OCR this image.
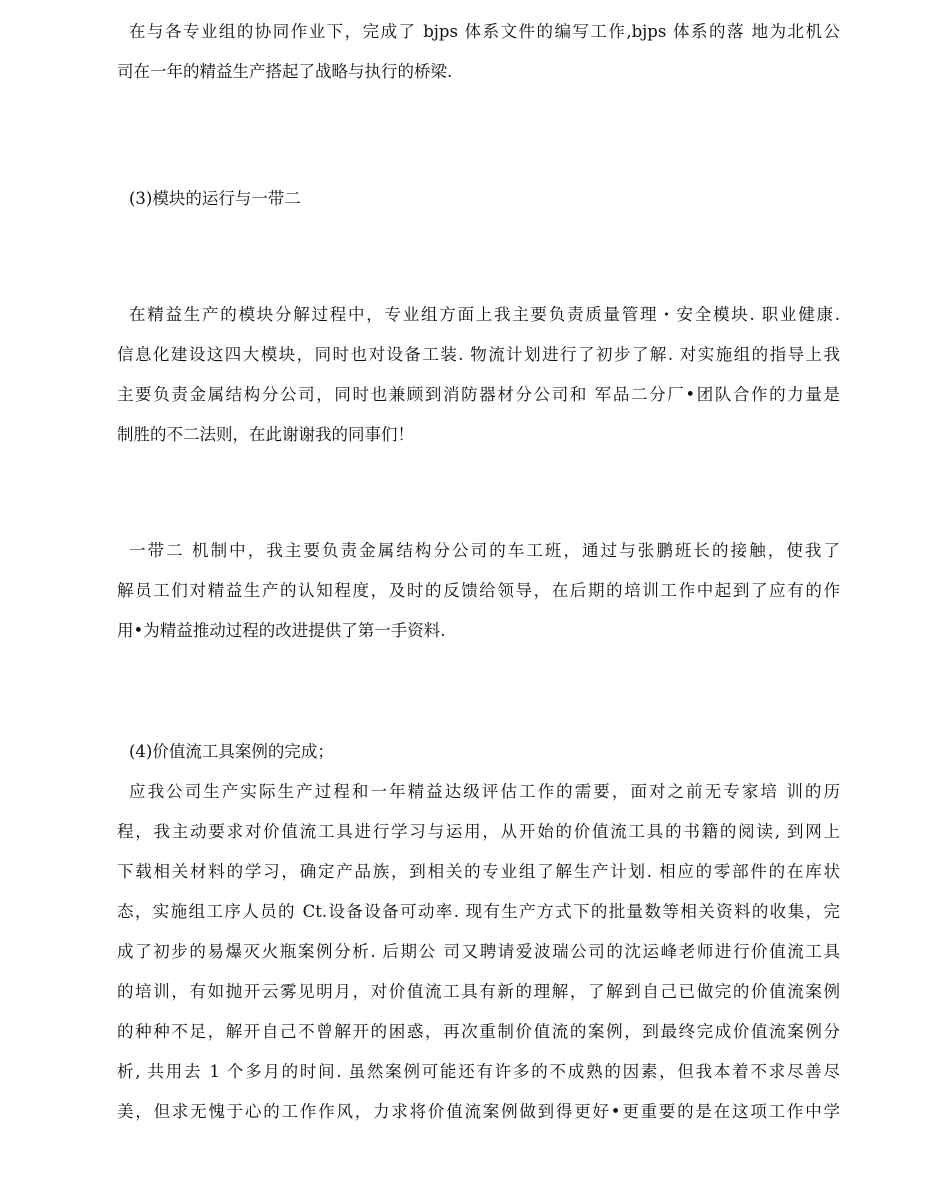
在与各专业组的协同作业下，完成了 bjps 体系文件的编写工作,bjps 体系的落 地为北机公
司在一年的精益生产搭起了战略与执行的桥梁.
(3)模块的运行与一带二
在精益生产的模块分解过程中，专业组方面上我主要负责质量管理・安全模块. 职业健康.
信息化建设这四大模块，同时也对设备工装. 物流计划进行了初步了解. 对实施组的指导上我
主要负责金属结构分公司，同时也兼顾到消防器材分公司和 军品二分厂•团队合作的力量是
制胜的不二法则，在此谢谢我的同事们！
一带二 机制中，我主要负责金属结构分公司的车工班，通过与张鹏班长的接触，使我了
解员工们对精益生产的认知程度，及时的反馈给领导，在后期的培训工作中起到了应有的作
用•为精益推动过程的改进提供了第一手资料.
(4)价值流工具案例的完成；
应我公司生产实际生产过程和一年精益达级评估工作的需要，面对之前无专家培 训的历
程，我主动要求对价值流工具进行学习与运用，从开始的价值流工具的书籍的阅读, 到网上
下载相关材料的学习，确定产品族，到相关的专业组了解生产计划. 相应的零部件的在库状
态，实施组工序人员的 Ct.设备设备可动率. 现有生产方式下的批量数等相关资料的收集，完
成了初步的易爆灭火瓶案例分析. 后期公 司又聘请爱波瑞公司的沈运峰老师进行价值流工具
的培训，有如抛开云雾见明月，对价值流工具有新的理解，了解到自己已做完的价值流案例
的种种不足，解开自己不曾解开的困惑，再次重制价值流的案例，到最终完成价值流案例分
析, 共用去 1 个多月的时间. 虽然案例可能还有许多的不成熟的因素，但我本着不求尽善尽
美，但求无愧于心的工作作风，力求将价值流案例做到得更好•更重要的是在这项工作中学
